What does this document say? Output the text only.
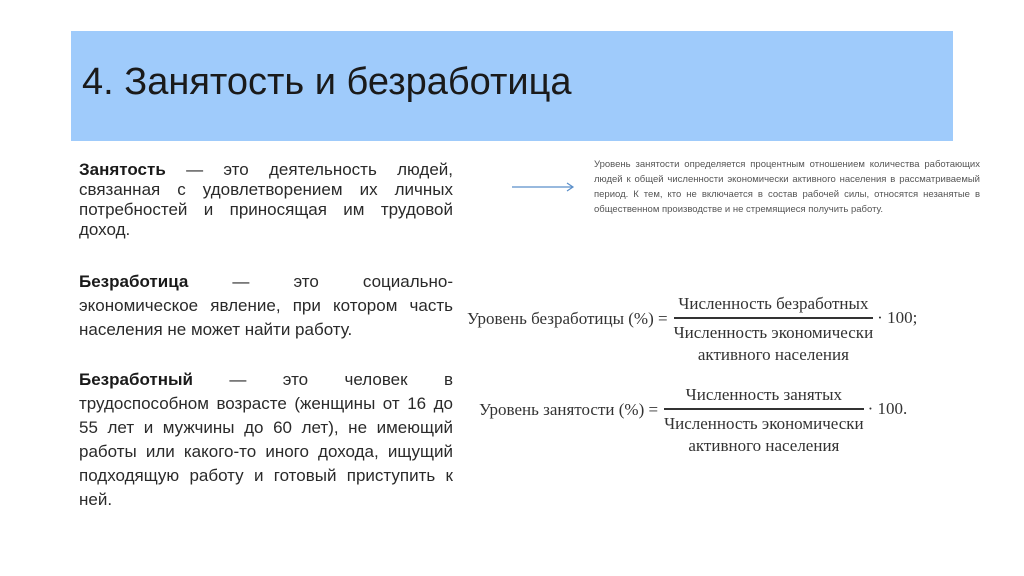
4. Занятость и безработица

Занятость — это деятельность людей, связанная с удовлетворением их личных потребностей и приносящая им трудовой доход.

Безработица — это социально-экономическое явление, при котором часть населения не может найти работу.

Безработный — это человек в трудоспособном возрасте (женщины от 16 до 55 лет и мужчины до 60 лет), не имеющий работы или какого-то иного дохода, ищущий подходящую работу и готовый приступить к ней.

Уровень занятости определяется процентным отношением количества работающих людей к общей численности экономически активного населения в рассматриваемый период. К тем, кто не включается в состав рабочей силы, относятся незанятые в общественном производстве и не стремящиеся получить работу.
Уровень безработицы (%) =
Численность безработных
Численность экономически
активного населения
· 100;
Уровень занятости (%) =
Численность занятых
Численность экономически
активного населения
· 100.
